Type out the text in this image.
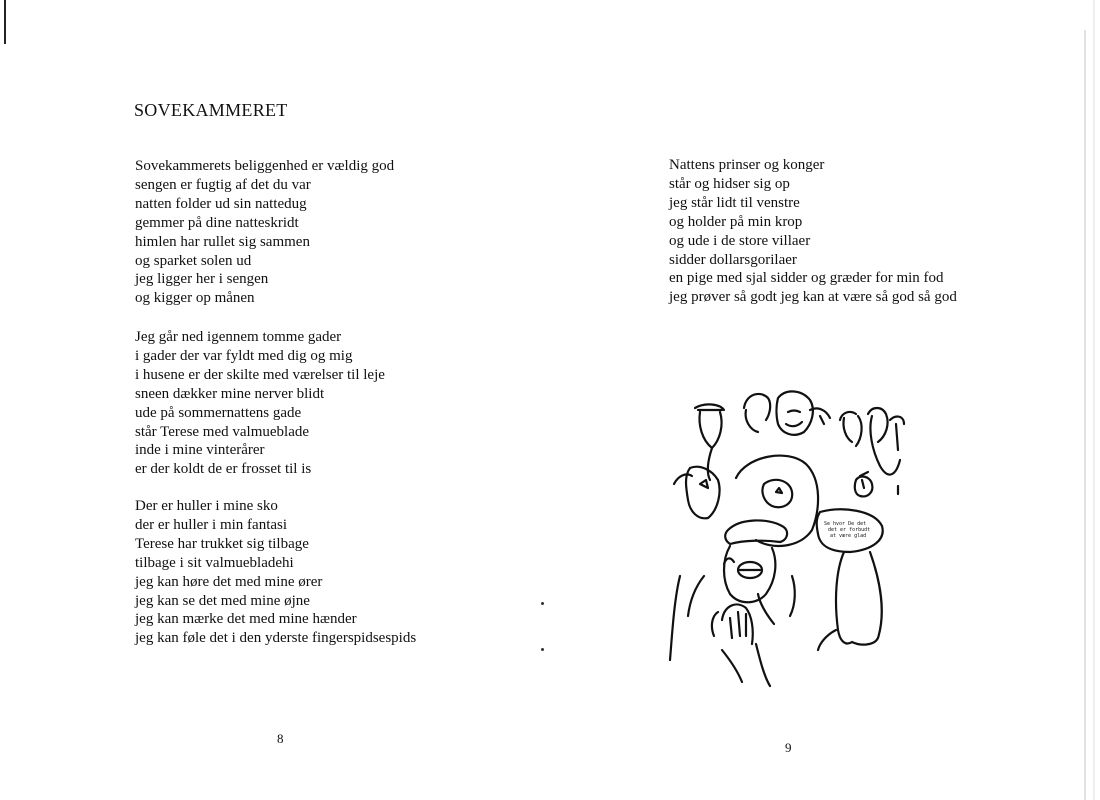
SOVEKAMMERET
Sovekammerets beliggenhed er vældig god
sengen er fugtig af det du var
natten folder ud sin nattedug
gemmer på dine natteskridt
himlen har rullet sig sammen
og sparket solen ud
jeg ligger her i sengen
og kigger op månen
Jeg går ned igennem tomme gader
i gader der var fyldt med dig og mig
i husene er der skilte med værelser til leje
sneen dækker mine nerver blidt
ude på sommernattens gade
står Terese med valmueblade
inde i mine vinterårer
er der koldt de er frosset til is
Der er huller i mine sko
der er huller i min fantasi
Terese har trukket sig tilbage
tilbage i sit valmuebladehi
jeg kan høre det med mine ører
jeg kan se det med mine øjne
jeg kan mærke det med mine hænder
jeg kan føle det i den yderste fingerspidsespids
8
Nattens prinser og konger
står og hidser sig op
jeg står lidt til venstre
og holder på min krop
og ude i de store villaer
sidder dollarsgorilaer
en pige med sjal sidder og græder for min fod
jeg prøver så godt jeg kan at være så god så god
Se hvor De det
det er forbudt
at være glad
9
